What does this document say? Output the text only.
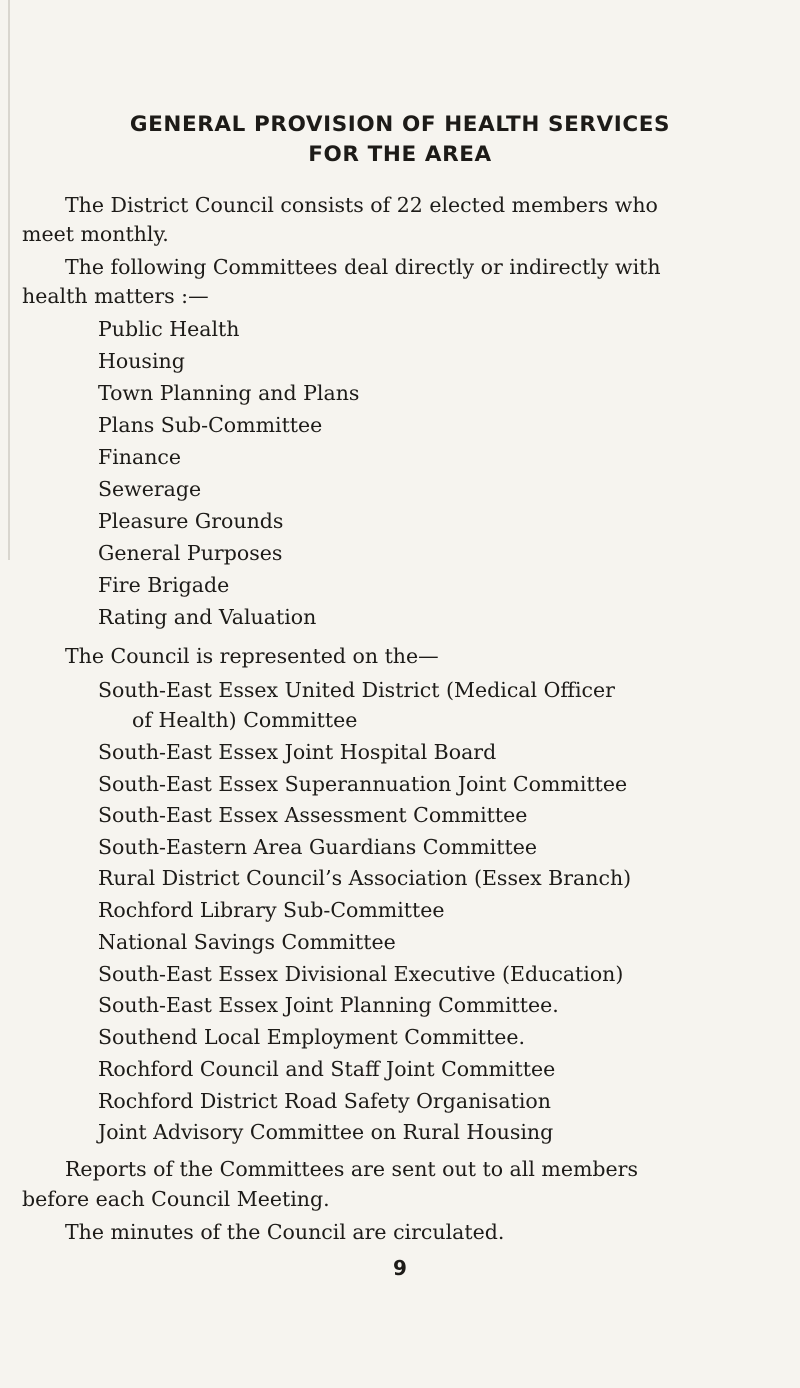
GENERAL PROVISION OF HEALTH SERVICES
FOR THE AREA
The District Council consists of 22 elected members who
meet monthly.
The following Committees deal directly or indirectly with
health matters :—
Public Health
Housing
Town Planning and Plans
Plans Sub-Committee
Finance
Sewerage
Pleasure Grounds
General Purposes
Fire Brigade
Rating and Valuation
The Council is represented on the—
South-East Essex United District (Medical Officer
of Health) Committee
South-East Essex Joint Hospital Board
South-East Essex Superannuation Joint Committee
South-East Essex Assessment Committee
South-Eastern Area Guardians Committee
Rural District Council’s Association (Essex Branch)
Rochford Library Sub-Committee
National Savings Committee
South-East Essex Divisional Executive (Education)
South-East Essex Joint Planning Committee.
Southend Local Employment Committee.
Rochford Council and Staff Joint Committee
Rochford District Road Safety Organisation
Joint Advisory Committee on Rural Housing
Reports of the Committees are sent out to all members
before each Council Meeting.
The minutes of the Council are circulated.
9
